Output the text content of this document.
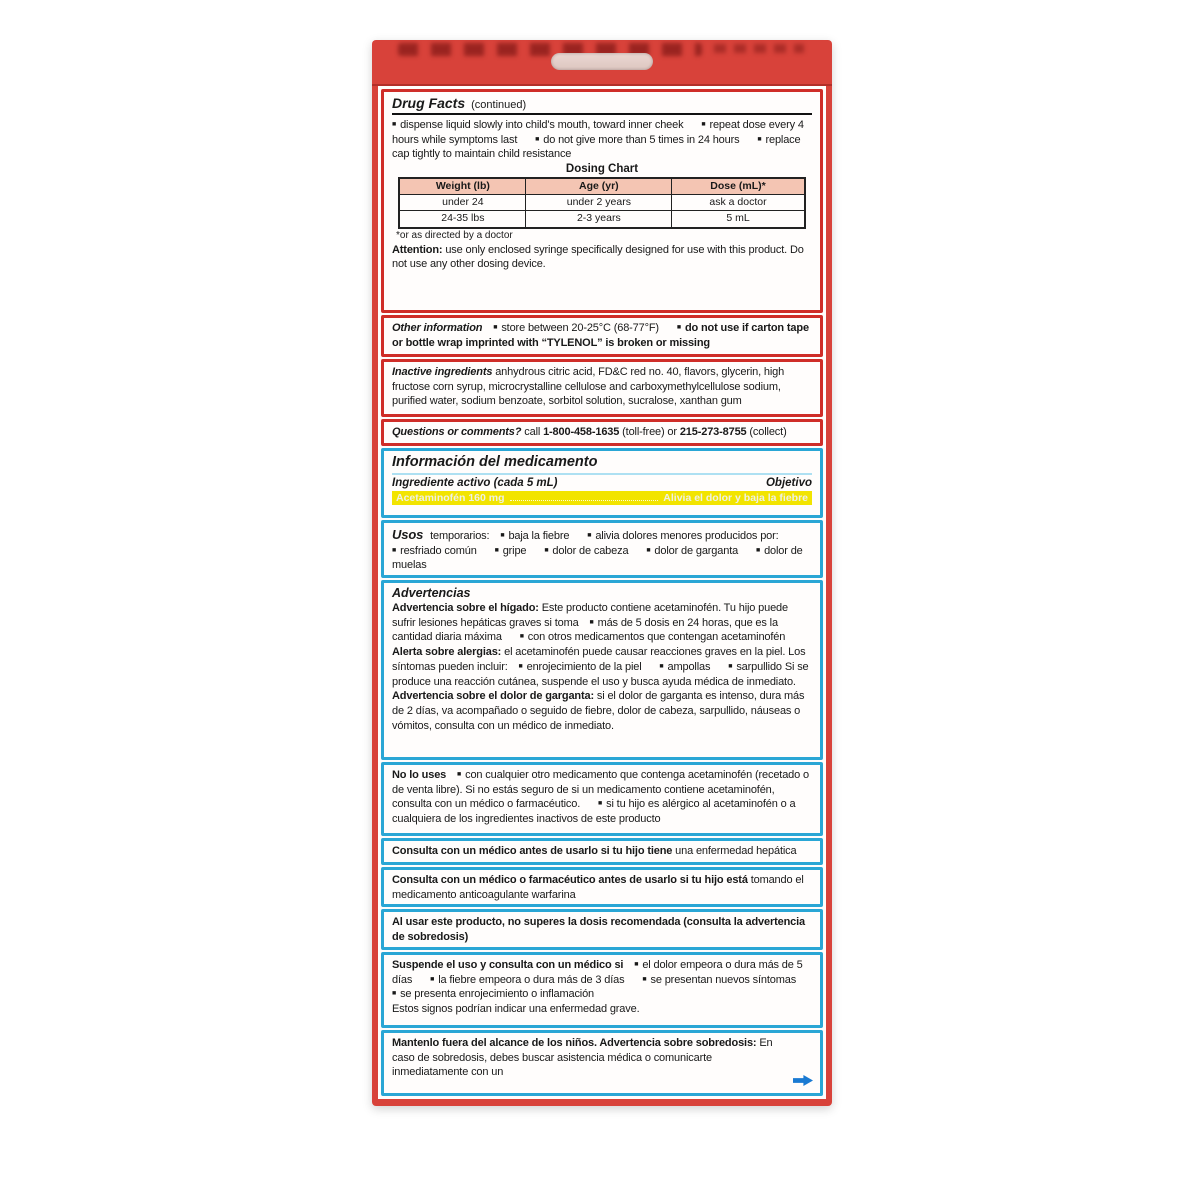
Drug Facts (continued)

■ dispense liquid slowly into child's mouth, toward inner cheek ■ repeat dose every 4 hours while symptoms last ■ do not give more than 5 times in 24 hours ■ replace cap tightly to maintain child resistance

Dosing Chart
Weight (lb)	Age (yr)	Dose (mL)*
under 24	under 2 years	ask a doctor
24-35 lbs	2-3 years	5 mL
*or as directed by a doctor

Attention: use only enclosed syringe specifically designed for use with this product. Do not use any other dosing device.

Other information ■ store between 20-25°C (68-77°F) ■ do not use if carton tape or bottle wrap imprinted with “TYLENOL” is broken or missing

Inactive ingredients anhydrous citric acid, FD&C red no. 40, flavors, glycerin, high fructose corn syrup, microcrystalline cellulose and carboxymethylcellulose sodium, purified water, sodium benzoate, sorbitol solution, sucralose, xanthan gum

Questions or comments? call 1-800-458-1635 (toll-free) or 215-273-8755 (collect)

Información del medicamento
Ingrediente activo (cada 5 mL)	Objetivo
Acetaminofén 160 mg	Alivia el dolor y baja la fiebre

Usos temporarios: ■ baja la fiebre ■ alivia dolores menores producidos por: ■ resfriado común ■ gripe ■ dolor de cabeza ■ dolor de garganta ■ dolor de muelas

Advertencias

Advertencia sobre el hígado: Este producto contiene acetaminofén. Tu hijo puede sufrir lesiones hepáticas graves si toma ■ más de 5 dosis en 24 horas, que es la cantidad diaria máxima ■ con otros medicamentos que contengan acetaminofén

Alerta sobre alergias: el acetaminofén puede causar reacciones graves en la piel. Los síntomas pueden incluir: ■ enrojecimiento de la piel ■ ampollas ■ sarpullido Si se produce una reacción cutánea, suspende el uso y busca ayuda médica de inmediato.

Advertencia sobre el dolor de garganta: si el dolor de garganta es intenso, dura más de 2 días, va acompañado o seguido de fiebre, dolor de cabeza, sarpullido, náuseas o vómitos, consulta con un médico de inmediato.

No lo uses ■ con cualquier otro medicamento que contenga acetaminofén (recetado o de venta libre). Si no estás seguro de si un medicamento contiene acetaminofén, consulta con un médico o farmacéutico. ■ si tu hijo es alérgico al acetaminofén o a cualquiera de los ingredientes inactivos de este producto

Consulta con un médico antes de usarlo si tu hijo tiene una enfermedad hepática

Consulta con un médico o farmacéutico antes de usarlo si tu hijo está tomando el medicamento anticoagulante warfarina

Al usar este producto, no superes la dosis recomendada (consulta la advertencia de sobredosis)

Suspende el uso y consulta con un médico si ■ el dolor empeora o dura más de 5 días ■ la fiebre empeora o dura más de 3 días ■ se presentan nuevos síntomas ■ se presenta enrojecimiento o inflamación

Estos signos podrían indicar una enfermedad grave.

Mantenlo fuera del alcance de los niños. Advertencia sobre sobredosis: En caso de sobredosis, debes buscar asistencia médica o comunicarte inmediatamente con un
